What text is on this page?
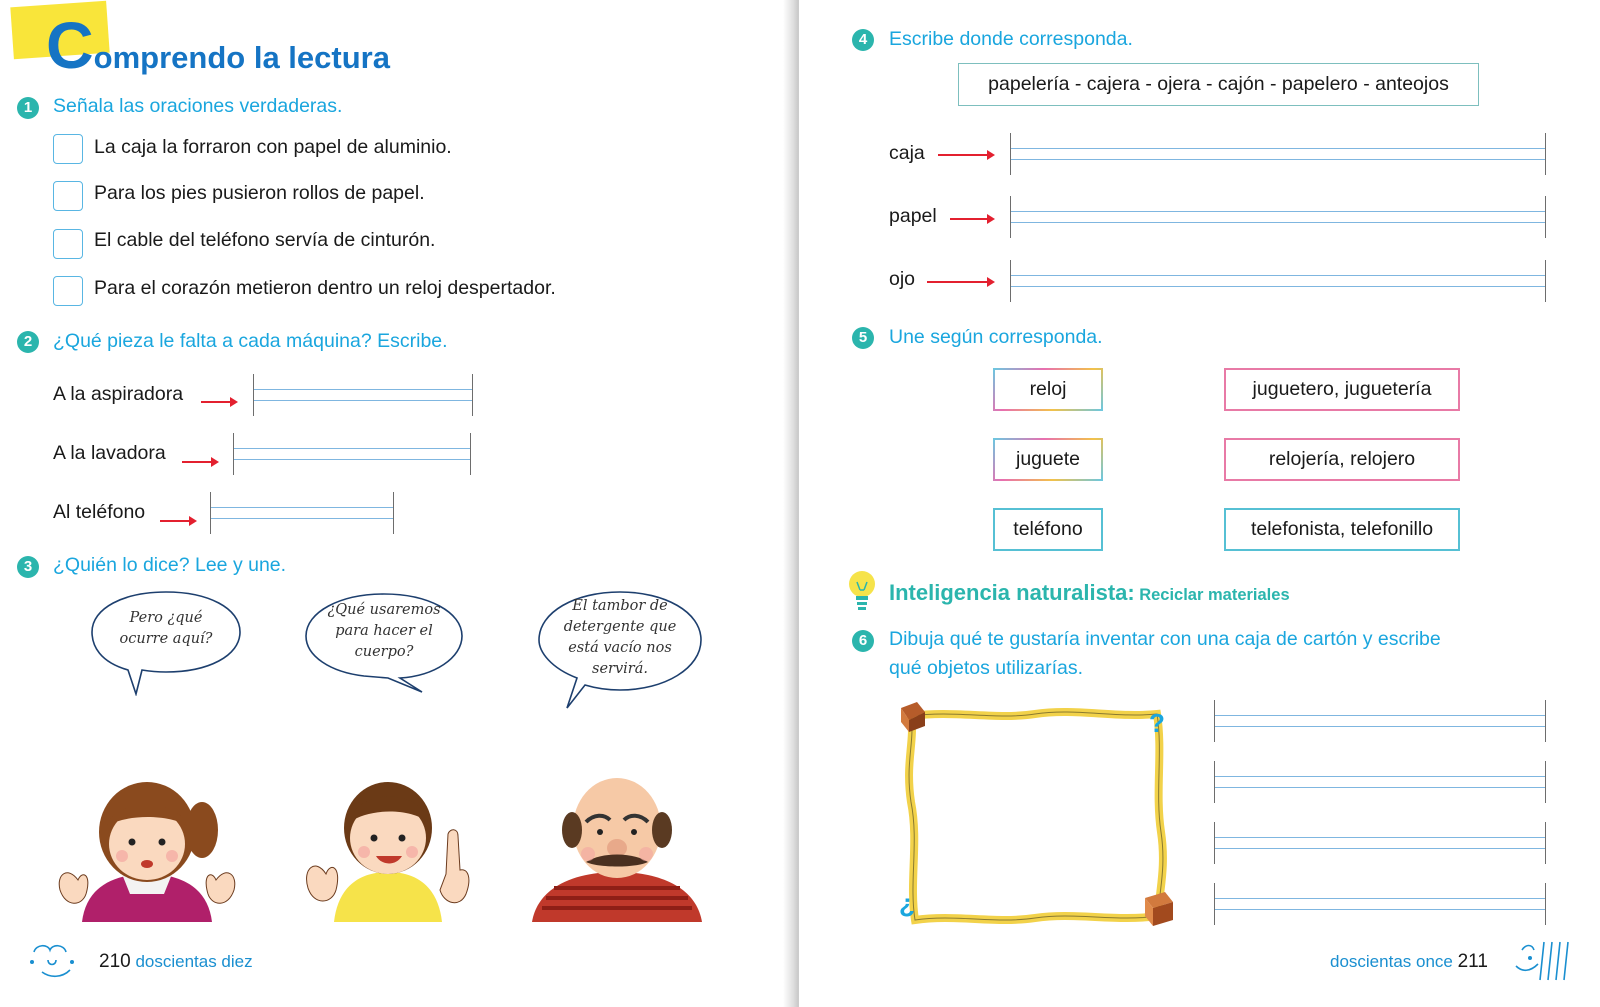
Comprendo la lectura
1	Señala las oraciones verdaderas.
La caja la forraron con papel de aluminio.
Para los pies pusieron rollos de papel.
El cable del teléfono servía de cinturón.
Para el corazón metieron dentro un reloj despertador.
2	¿Qué pieza le falta a cada máquina? Escribe.
A la aspiradora
A la lavadora
Al teléfono
3	¿Quién lo dice? Lee y une.
Pero ¿qué
ocurre aquí?
¿Qué usaremos
para hacer el
cuerpo?
El tambor de
detergente que
está vacío nos
servirá.
210 doscientas diez
4	Escribe donde corresponda.
papelería - cajera - ojera - cajón - papelero - anteojos
caja
papel
ojo
5	Une según corresponda.
reloj	juguetero, juguetería
juguete	relojería, relojero
teléfono	telefonista, telefonillo
Inteligencia naturalista: Reciclar materiales
6	Dibuja qué te gustaría inventar con una caja de cartón y escribe
qué objetos utilizarías.
?
¿
doscientas once 211
